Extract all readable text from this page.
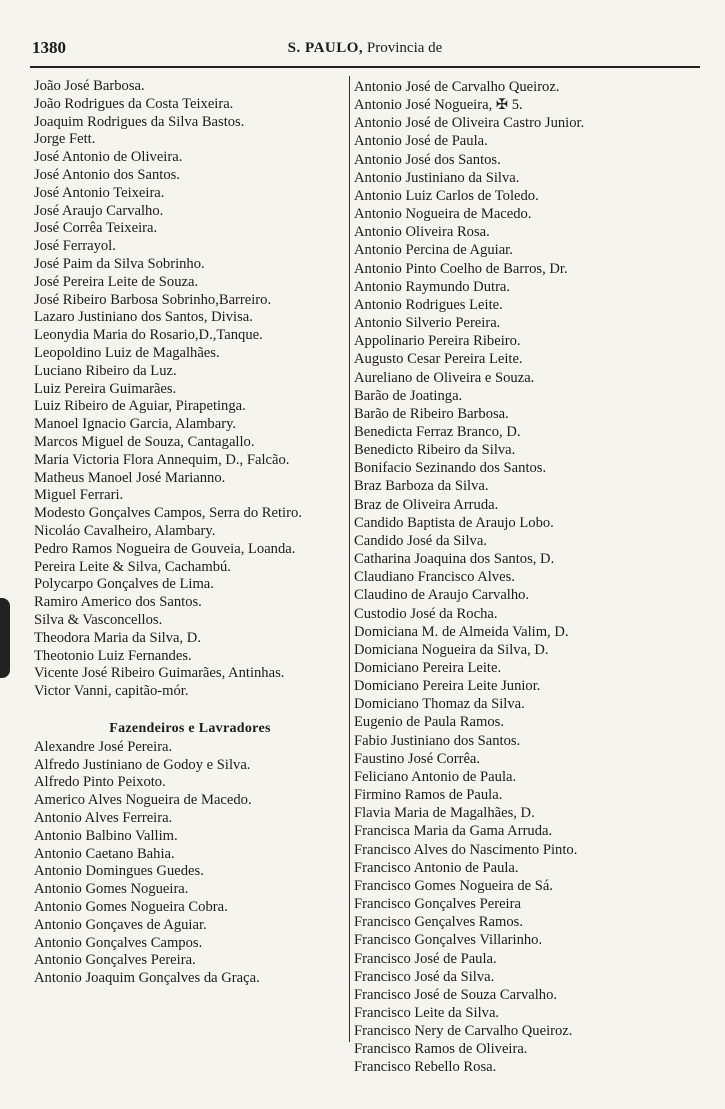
1380	S. PAULO, Provincia de
João José Barbosa.
João Rodrigues da Costa Teixeira.
Joaquim Rodrigues da Silva Bastos.
Jorge Fett.
José Antonio de Oliveira.
José Antonio dos Santos.
José Antonio Teixeira.
José Araujo Carvalho.
José Corrêa Teixeira.
José Ferrayol.
José Paim da Silva Sobrinho.
José Pereira Leite de Souza.
José Ribeiro Barbosa Sobrinho,Barreiro.
Lazaro Justiniano dos Santos, Divisa.
Leonydia Maria do Rosario,D.,Tanque.
Leopoldino Luiz de Magalhães.
Luciano Ribeiro da Luz.
Luiz Pereira Guimarães.
Luiz Ribeiro de Aguiar, Pirapetinga.
Manoel Ignacio Garcia, Alambary.
Marcos Miguel de Souza, Cantagallo.
Maria Victoria Flora Annequim, D., Falcão.
Matheus Manoel José Marianno.
Miguel Ferrari.
Modesto Gonçalves Campos, Serra do Retiro.
Nicoláo Cavalheiro, Alambary.
Pedro Ramos Nogueira de Gouveia, Loanda.
Pereira Leite & Silva, Cachambú.
Polycarpo Gonçalves de Lima.
Ramiro Americo dos Santos.
Silva & Vasconcellos.
Theodora Maria da Silva, D.
Theotonio Luiz Fernandes.
Vicente José Ribeiro Guimarães, Antinhas.
Victor Vanni, capitão-mór.
Fazendeiros e Lavradores
Alexandre José Pereira.
Alfredo Justiniano de Godoy e Silva.
Alfredo Pinto Peixoto.
Americo Alves Nogueira de Macedo.
Antonio Alves Ferreira.
Antonio Balbino Vallim.
Antonio Caetano Bahia.
Antonio Domingues Guedes.
Antonio Gomes Nogueira.
Antonio Gomes Nogueira Cobra.
Antonio Gonçaves de Aguiar.
Antonio Gonçalves Campos.
Antonio Gonçalves Pereira.
Antonio Joaquim Gonçalves da Graça.
Antonio José de Carvalho Queiroz.
Antonio José Nogueira, ✠ 5.
Antonio José de Oliveira Castro Junior.
Antonio José de Paula.
Antonio José dos Santos.
Antonio Justiniano da Silva.
Antonio Luiz Carlos de Toledo.
Antonio Nogueira de Macedo.
Antonio Oliveira Rosa.
Antonio Percina de Aguiar.
Antonio Pinto Coelho de Barros, Dr.
Antonio Raymundo Dutra.
Antonio Rodrigues Leite.
Antonio Silverio Pereira.
Appolinario Pereira Ribeiro.
Augusto Cesar Pereira Leite.
Aureliano de Oliveira e Souza.
Barão de Joatinga.
Barão de Ribeiro Barbosa.
Benedicta Ferraz Branco, D.
Benedicto Ribeiro da Silva.
Bonifacio Sezinando dos Santos.
Braz Barboza da Silva.
Braz de Oliveira Arruda.
Candido Baptista de Araujo Lobo.
Candido José da Silva.
Catharina Joaquina dos Santos, D.
Claudiano Francisco Alves.
Claudino de Araujo Carvalho.
Custodio José da Rocha.
Domiciana M. de Almeida Valim, D.
Domiciana Nogueira da Silva, D.
Domiciano Pereira Leite.
Domiciano Pereira Leite Junior.
Domiciano Thomaz da Silva.
Eugenio de Paula Ramos.
Fabio Justiniano dos Santos.
Faustino José Corrêa.
Feliciano Antonio de Paula.
Firmino Ramos de Paula.
Flavia Maria de Magalhães, D.
Francisca Maria da Gama Arruda.
Francisco Alves do Nascimento Pinto.
Francisco Antonio de Paula.
Francisco Gomes Nogueira de Sá.
Francisco Gonçalves Pereira
Francisco Gençalves Ramos.
Francisco Gonçalves Villarinho.
Francisco José de Paula.
Francisco José da Silva.
Francisco José de Souza Carvalho.
Francisco Leite da Silva.
Francisco Nery de Carvalho Queiroz.
Francisco Ramos de Oliveira.
Francisco Rebello Rosa.
